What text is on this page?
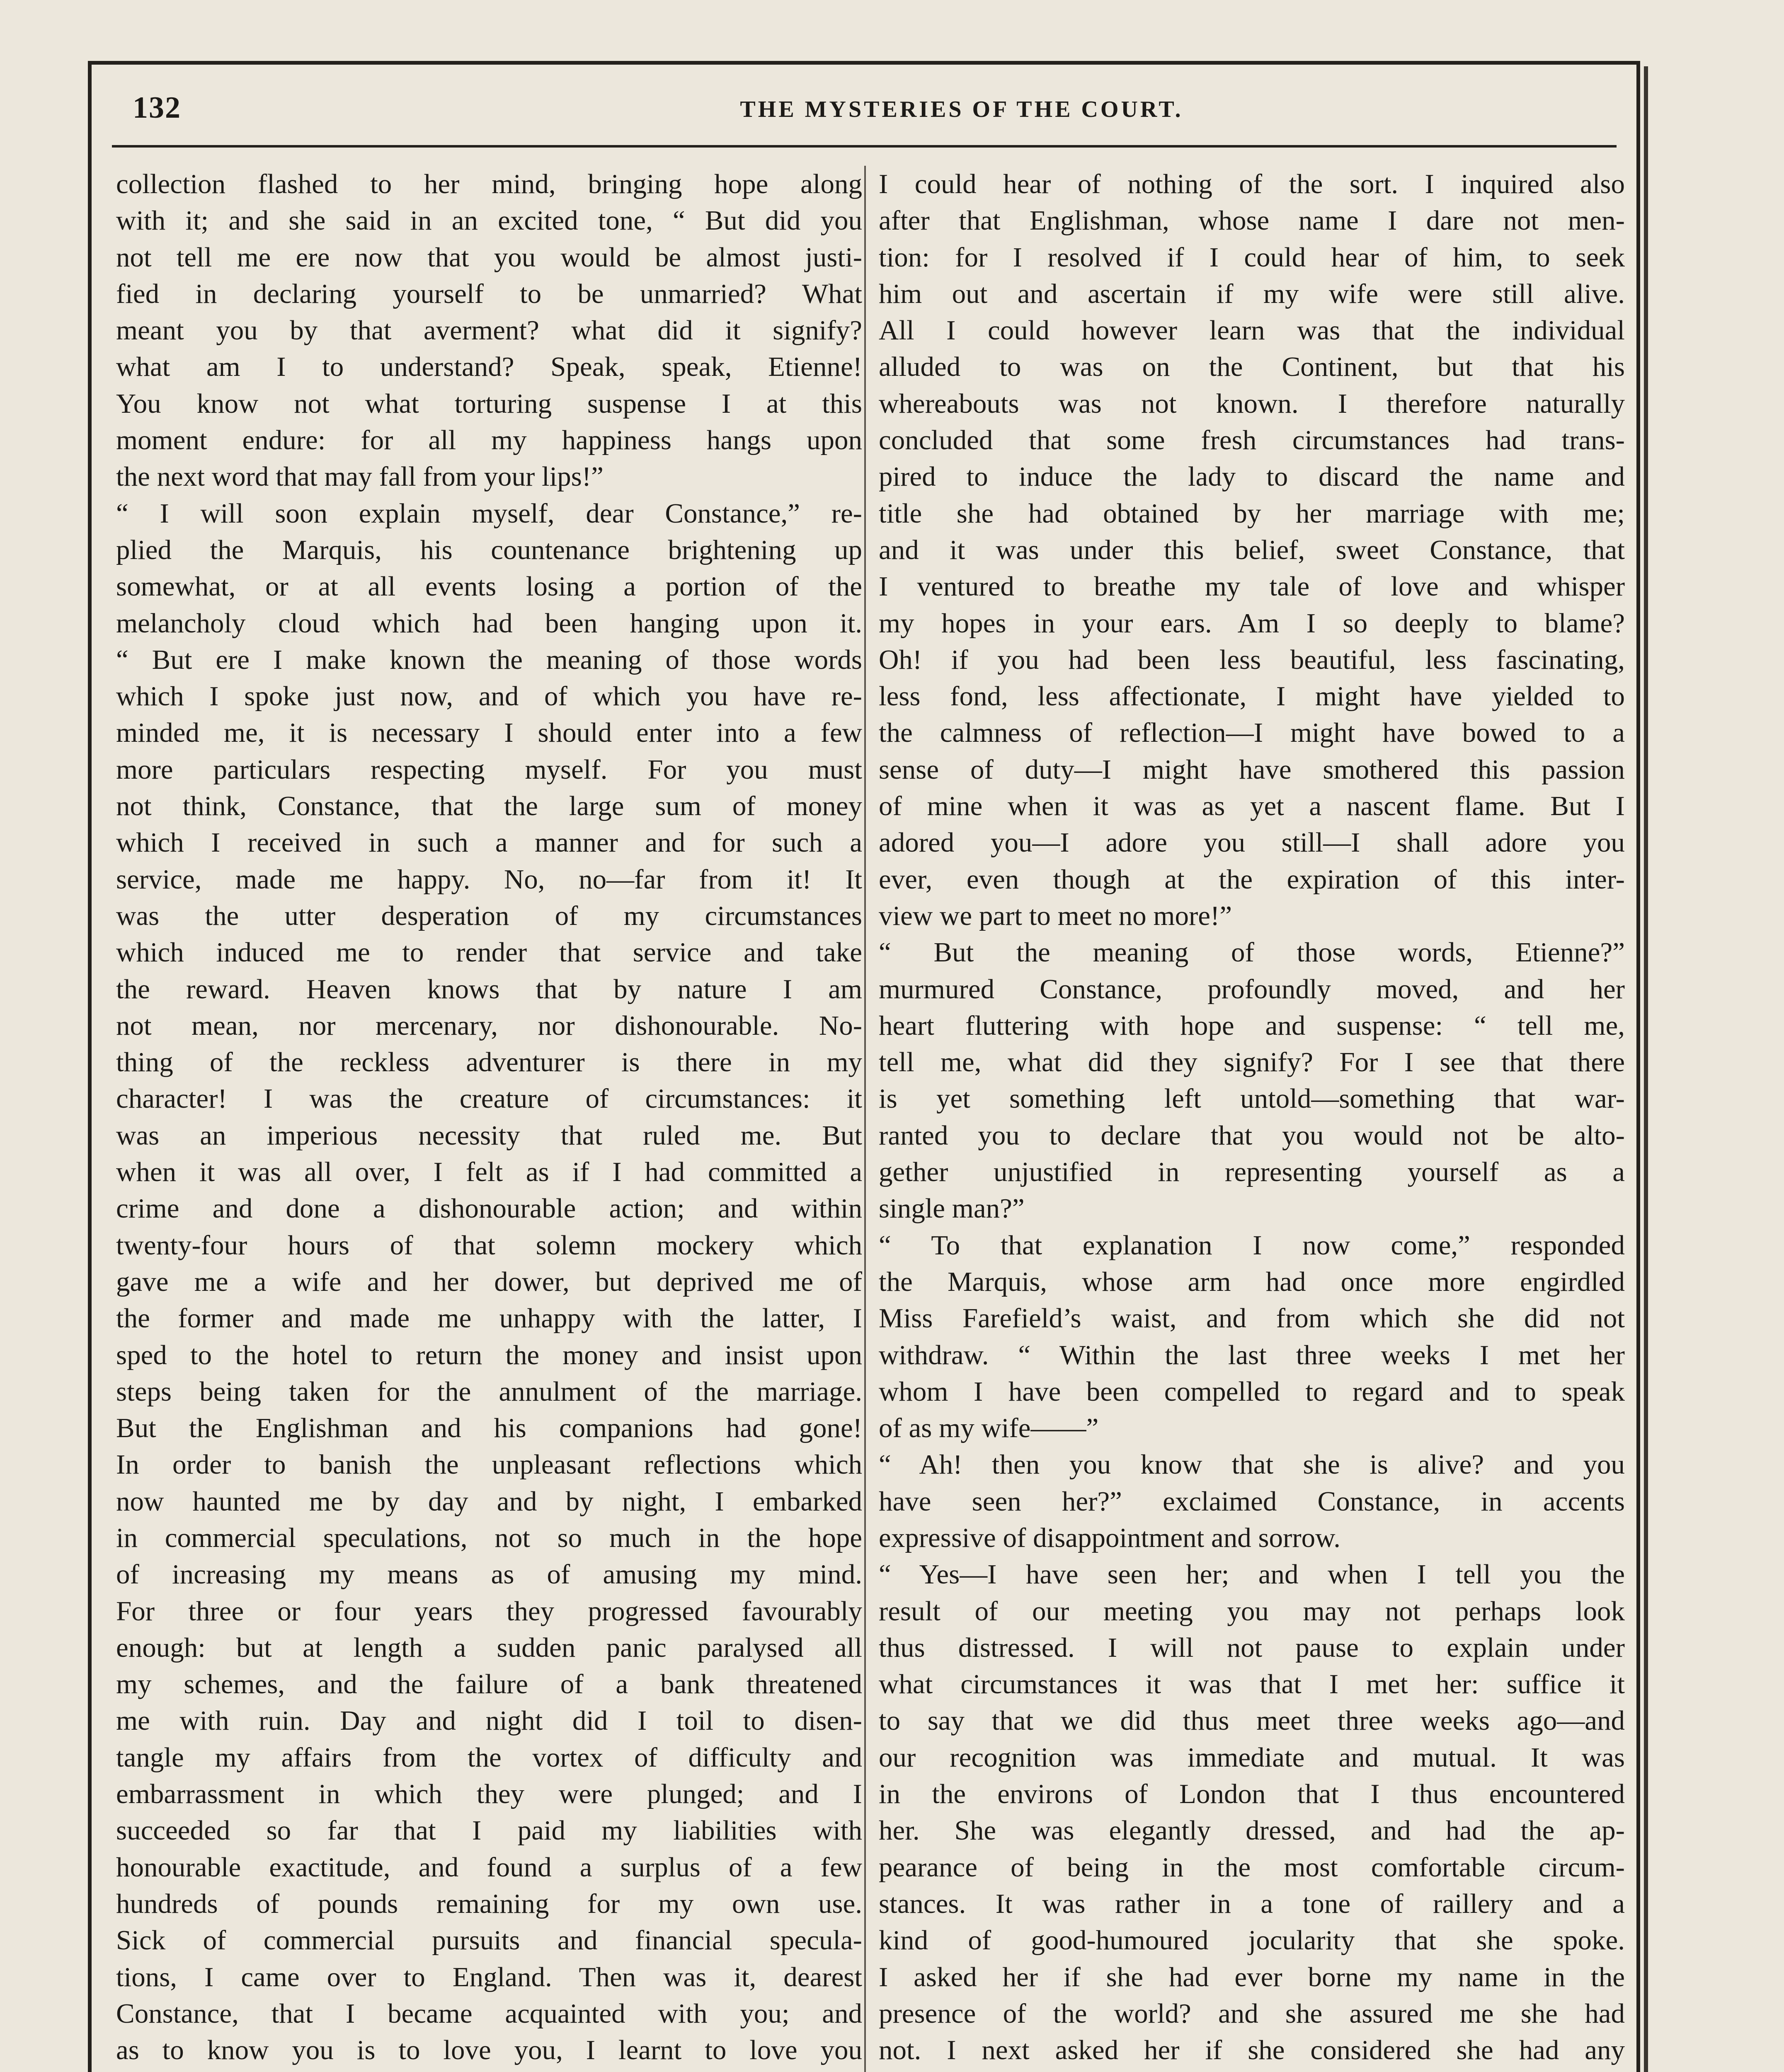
132	THE MYSTERIES OF THE COURT.
collection flashed to her mind, bringing hope along
with it; and she said in an excited tone, “ But did you
not tell me ere now that you would be almost justi-
fied in declaring yourself to be unmarried? What
meant you by that averment? what did it signify?
what am I to understand? Speak, speak, Etienne!
You know not what torturing suspense I at this
moment endure: for all my happiness hangs upon
the next word that may fall from your lips!”
“ I will soon explain myself, dear Constance,” re-
plied the Marquis, his countenance brightening up
somewhat, or at all events losing a portion of the
melancholy cloud which had been hanging upon it.
“ But ere I make known the meaning of those words
which I spoke just now, and of which you have re-
minded me, it is necessary I should enter into a few
more particulars respecting myself. For you must
not think, Constance, that the large sum of money
which I received in such a manner and for such a
service, made me happy. No, no—far from it! It
was the utter desperation of my circumstances
which induced me to render that service and take
the reward. Heaven knows that by nature I am
not mean, nor mercenary, nor dishonourable. No-
thing of the reckless adventurer is there in my
character! I was the creature of circumstances: it
was an imperious necessity that ruled me. But
when it was all over, I felt as if I had committed a
crime and done a dishonourable action; and within
twenty-four hours of that solemn mockery which
gave me a wife and her dower, but deprived me of
the former and made me unhappy with the latter, I
sped to the hotel to return the money and insist upon
steps being taken for the annulment of the marriage.
But the Englishman and his companions had gone!
In order to banish the unpleasant reflections which
now haunted me by day and by night, I embarked
in commercial speculations, not so much in the hope
of increasing my means as of amusing my mind.
For three or four years they progressed favourably
enough: but at length a sudden panic paralysed all
my schemes, and the failure of a bank threatened
me with ruin. Day and night did I toil to disen-
tangle my affairs from the vortex of difficulty and
embarrassment in which they were plunged; and I
succeeded so far that I paid my liabilities with
honourable exactitude, and found a surplus of a few
hundreds of pounds remaining for my own use.
Sick of commercial pursuits and financial specula-
tions, I came over to England. Then was it, dearest
Constance, that I became acquainted with you; and
as to know you is to love you, I learnt to love you
I could hear of nothing of the sort. I inquired also
after that Englishman, whose name I dare not men-
tion: for I resolved if I could hear of him, to seek
him out and ascertain if my wife were still alive.
All I could however learn was that the individual
alluded to was on the Continent, but that his
whereabouts was not known. I therefore naturally
concluded that some fresh circumstances had trans-
pired to induce the lady to discard the name and
title she had obtained by her marriage with me;
and it was under this belief, sweet Constance, that
I ventured to breathe my tale of love and whisper
my hopes in your ears. Am I so deeply to blame?
Oh! if you had been less beautiful, less fascinating,
less fond, less affectionate, I might have yielded to
the calmness of reflection—I might have bowed to a
sense of duty—I might have smothered this passion
of mine when it was as yet a nascent flame. But I
adored you—I adore you still—I shall adore you
ever, even though at the expiration of this inter-
view we part to meet no more!”
“ But the meaning of those words, Etienne?”
murmured Constance, profoundly moved, and her
heart fluttering with hope and suspense: “ tell me,
tell me, what did they signify? For I see that there
is yet something left untold—something that war-
ranted you to declare that you would not be alto-
gether unjustified in representing yourself as a
single man?”
“ To that explanation I now come,” responded
the Marquis, whose arm had once more engirdled
Miss Farefield’s waist, and from which she did not
withdraw. “ Within the last three weeks I met her
whom I have been compelled to regard and to speak
of as my wife——”
“ Ah! then you know that she is alive? and you
have seen her?” exclaimed Constance, in accents
expressive of disappointment and sorrow.
“ Yes—I have seen her; and when I tell you the
result of our meeting you may not perhaps look
thus distressed. I will not pause to explain under
what circumstances it was that I met her: suffice it
to say that we did thus meet three weeks ago—and
our recognition was immediate and mutual. It was
in the environs of London that I thus encountered
her. She was elegantly dressed, and had the ap-
pearance of being in the most comfortable circum-
stances. It was rather in a tone of raillery and a
kind of good-humoured jocularity that she spoke.
I asked her if she had ever borne my name in the
presence of the world? and she assured me she had
not. I next asked her if she considered she had any
